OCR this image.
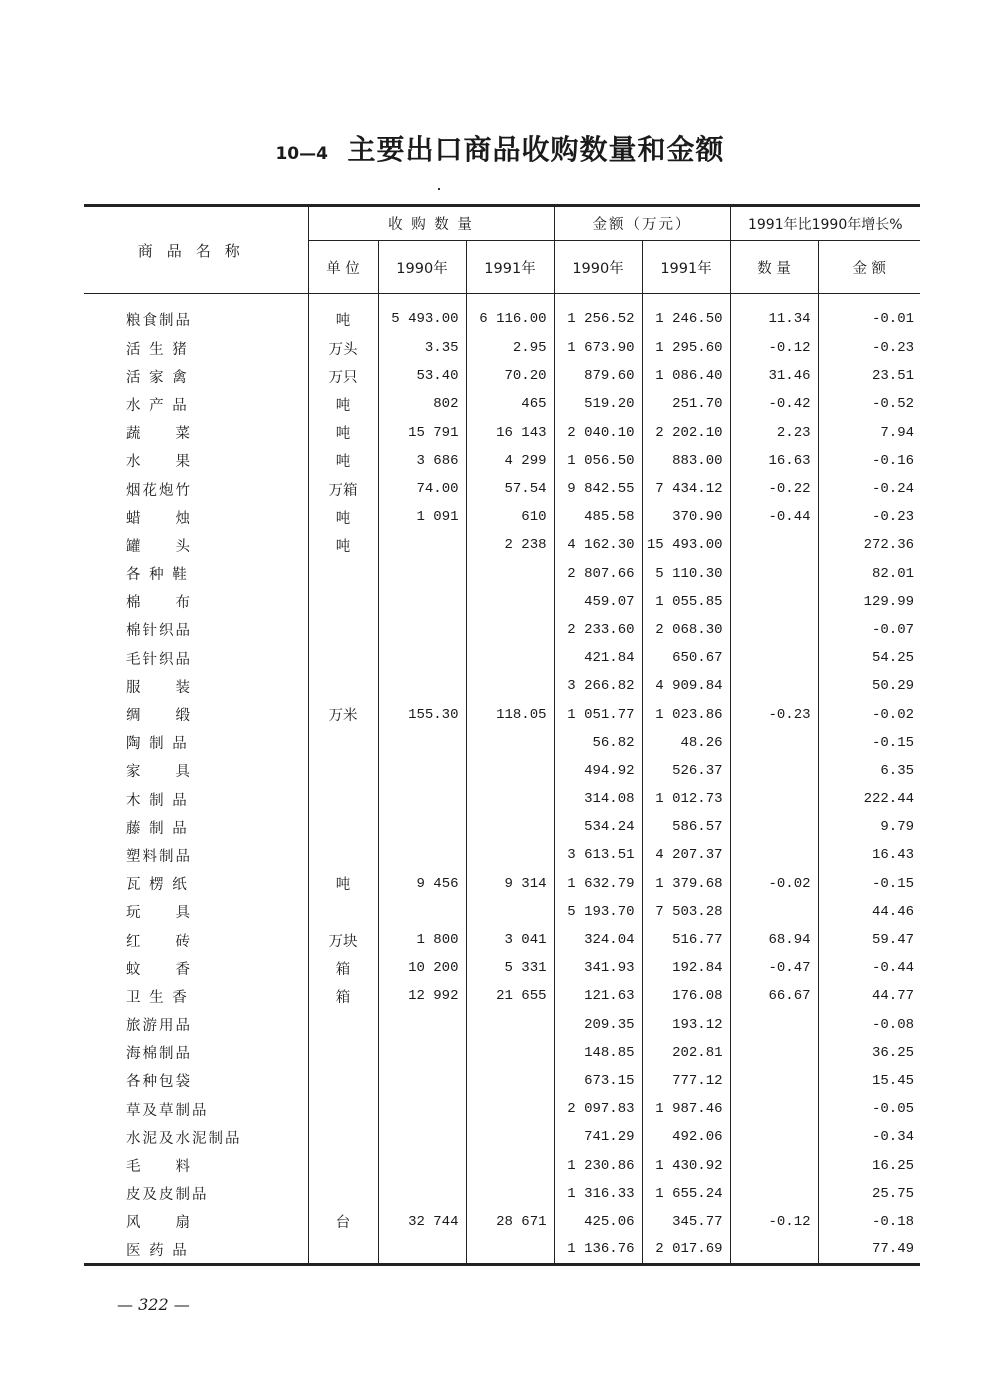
10—4 主要出口商品收购数量和金额
商品名称	收 购 数 量			金额（万元）		1991年比1990年增长%	
	单 位	1990年	1991年	1990年	1991年	数 量	金 额
粮食制品	吨	5 493.00	6 116.00	1 256.52	1 246.50	11.34	-0.01
活 生 猪	万头	3.35	2.95	1 673.90	1 295.60	-0.12	-0.23
活 家 禽	万只	53.40	70.20	879.60	1 086.40	31.46	23.51
水 产 品	吨	802	465	519.20	251.70	-0.42	-0.52
蔬　　菜	吨	15 791	16 143	2 040.10	2 202.10	2.23	7.94
水　　果	吨	3 686	4 299	1 056.50	883.00	16.63	-0.16
烟花炮竹	万箱	74.00	57.54	9 842.55	7 434.12	-0.22	-0.24
蜡　　烛	吨	1 091	610	485.58	370.90	-0.44	-0.23
罐　　头	吨		2 238	4 162.30	15 493.00		272.36
各 种 鞋				2 807.66	5 110.30		82.01
棉　　布				459.07	1 055.85		129.99
棉针织品				2 233.60	2 068.30		-0.07
毛针织品				421.84	650.67		54.25
服　　装				3 266.82	4 909.84		50.29
绸　　缎	万米	155.30	118.05	1 051.77	1 023.86	-0.23	-0.02
陶 制 品				56.82	48.26		-0.15
家　　具				494.92	526.37		6.35
木 制 品				314.08	1 012.73		222.44
藤 制 品				534.24	586.57		9.79
塑料制品				3 613.51	4 207.37		16.43
瓦 楞 纸	吨	9 456	9 314	1 632.79	1 379.68	-0.02	-0.15
玩　　具				5 193.70	7 503.28		44.46
红　　砖	万块	1 800	3 041	324.04	516.77	68.94	59.47
蚊　　香	箱	10 200	5 331	341.93	192.84	-0.47	-0.44
卫 生 香	箱	12 992	21 655	121.63	176.08	66.67	44.77
旅游用品				209.35	193.12		-0.08
海棉制品				148.85	202.81		36.25
各种包袋				673.15	777.12		15.45
草及草制品				2 097.83	1 987.46		-0.05
水泥及水泥制品				741.29	492.06		-0.34
毛　　料				1 230.86	1 430.92		16.25
皮及皮制品				1 316.33	1 655.24		25.75
风　　扇	台	32 744	28 671	425.06	345.77	-0.12	-0.18
医 药 品				1 136.76	2 017.69		77.49
— 322 —
